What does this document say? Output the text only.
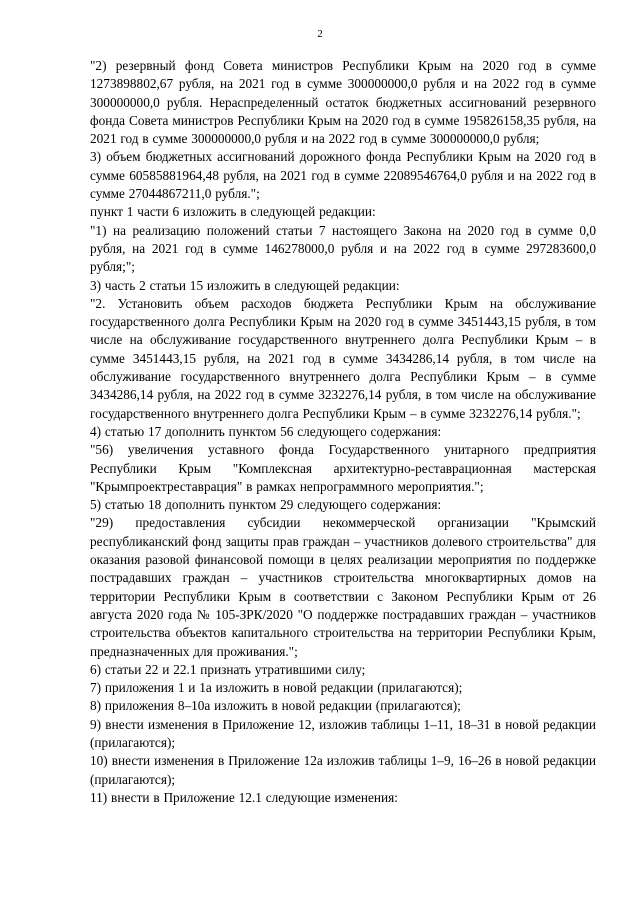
2

"2) резервный фонд Совета министров Республики Крым на 2020 год в сумме 1273898802,67 рубля, на 2021 год в сумме 300000000,0 рубля и на 2022 год в сумме 300000000,0 рубля. Нераспределенный остаток бюджетных ассигнований резервного фонда Совета министров Республики Крым на 2020 год в сумме 195826158,35 рубля, на 2021 год в сумме 300000000,0 рубля и на 2022 год в сумме 300000000,0 рубля;

3) объем бюджетных ассигнований дорожного фонда Республики Крым на 2020 год в сумме 60585881964,48 рубля, на 2021 год в сумме 22089546764,0 рубля и на 2022 год в сумме 27044867211,0 рубля.";

пункт 1 части 6 изложить в следующей редакции:

"1) на реализацию положений статьи 7 настоящего Закона на 2020 год в сумме 0,0 рубля, на 2021 год в сумме 146278000,0 рубля и на 2022 год в сумме 297283600,0 рубля;";

3) часть 2 статьи 15 изложить в следующей редакции:

"2. Установить объем расходов бюджета Республики Крым на обслуживание государственного долга Республики Крым на 2020 год в сумме 3451443,15 рубля, в том числе на обслуживание государственного внутреннего долга Республики Крым – в сумме 3451443,15 рубля, на 2021 год в сумме 3434286,14 рубля, в том числе на обслуживание государственного внутреннего долга Республики Крым – в сумме 3434286,14 рубля, на 2022 год в сумме 3232276,14 рубля, в том числе на обслуживание государственного внутреннего долга Республики Крым – в сумме 3232276,14 рубля.";

4) статью 17 дополнить пунктом 56 следующего содержания:

"56) увеличения уставного фонда Государственного унитарного предприятия Республики Крым "Комплексная архитектурно-реставрационная мастерская "Крымпроектреставрация" в рамках непрограммного мероприятия.";

5) статью 18 дополнить пунктом 29 следующего содержания:

"29) предоставления субсидии некоммерческой организации "Крымский республиканский фонд защиты прав граждан – участников долевого строительства" для оказания разовой финансовой помощи в целях реализации мероприятия по поддержке пострадавших граждан – участников строительства многоквартирных домов на территории Республики Крым в соответствии с Законом Республики Крым от 26 августа 2020 года № 105-ЗРК/2020 "О поддержке пострадавших граждан – участников строительства объектов капитального строительства на территории Республики Крым, предназначенных для проживания.";

6) статьи 22 и 22.1 признать утратившими силу;

7) приложения 1 и 1а изложить в новой редакции (прилагаются);

8) приложения 8–10а изложить в новой редакции (прилагаются);

9) внести изменения в Приложение 12, изложив таблицы 1–11, 18–31 в новой редакции (прилагаются);

10) внести изменения в Приложение 12а изложив таблицы 1–9, 16–26 в новой редакции (прилагаются);

11) внести в Приложение 12.1 следующие изменения:
